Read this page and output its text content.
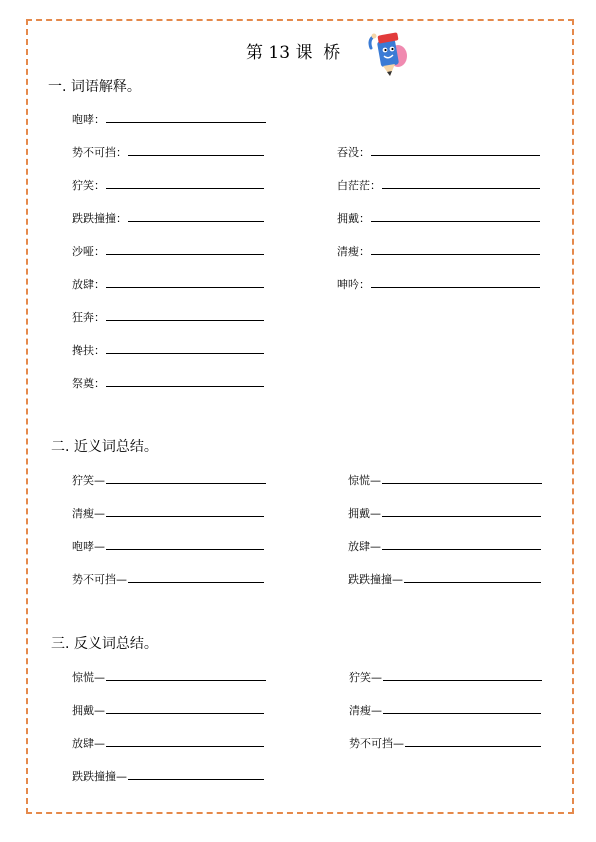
第 13 课  桥
一. 词语解释。
二. 近义词总结。
三. 反义词总结。
咆哮：
势不可挡：
狞笑：
跌跌撞撞：
沙哑：
放肆：
狂奔：
搀扶：
祭奠：
吞没：
白茫茫：
拥戴：
清瘦：
呻吟：
狞笑—
清瘦—
咆哮—
势不可挡—
惊慌—
拥戴—
放肆—
跌跌撞撞—
惊慌—
拥戴—
放肆—
跌跌撞撞—
狞笑—
清瘦—
势不可挡—
